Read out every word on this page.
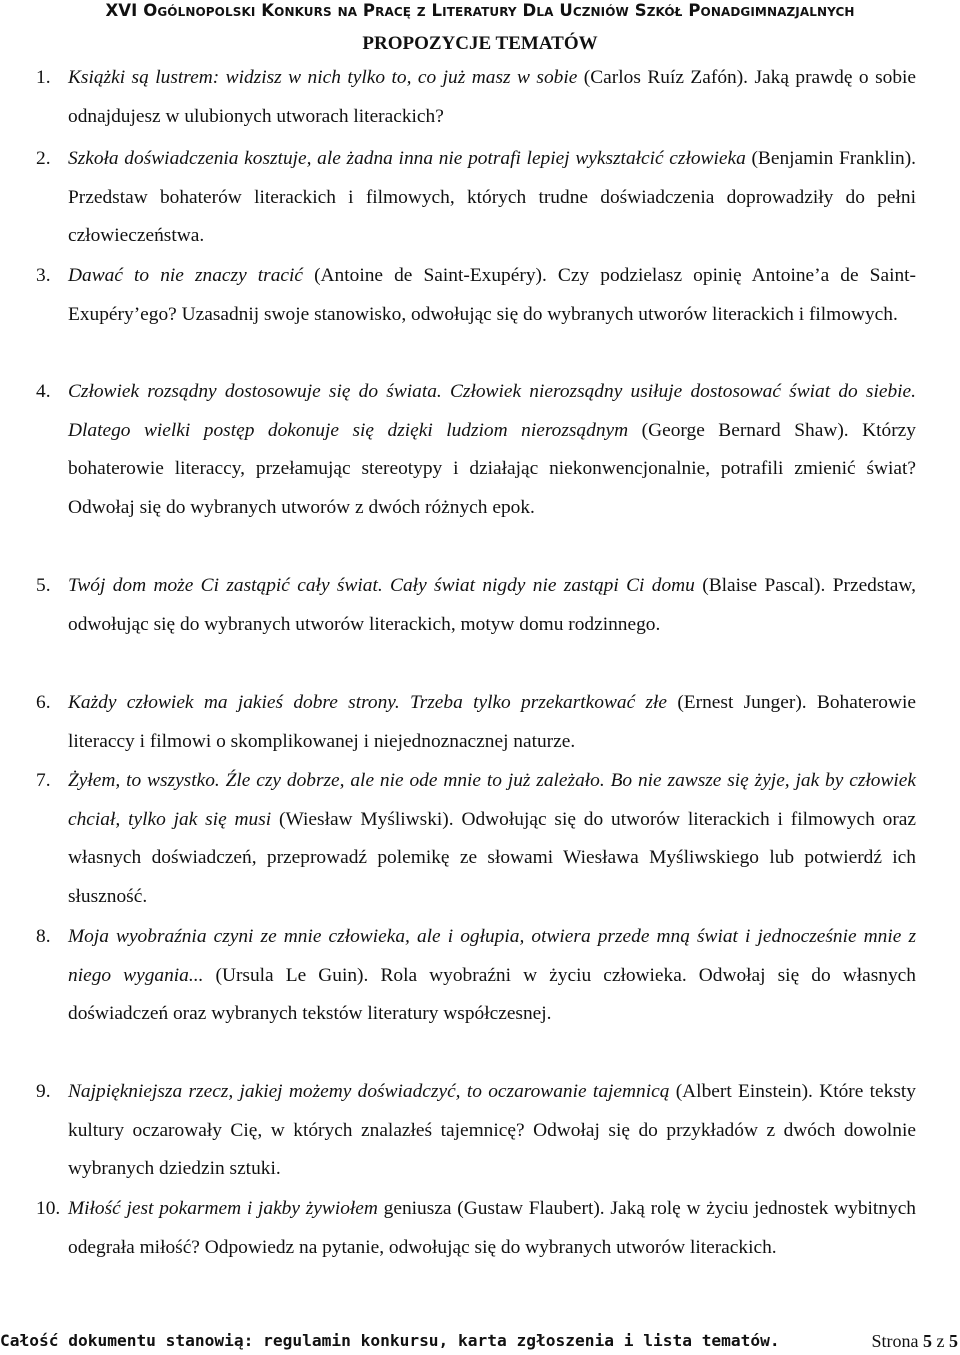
XVI Ogólnopolski Konkurs na Pracę z Literatury Dla Uczniów Szkół Ponadgimnazjalnych
PROPOZYCJE TEMATÓW
1. Książki są lustrem: widzisz w nich tylko to, co już masz w sobie (Carlos Ruíz Zafón). Jaką prawdę o sobie odnajdujesz w ulubionych utworach literackich?
2. Szkoła doświadczenia kosztuje, ale żadna inna nie potrafi lepiej wykształcić człowieka (Benjamin Franklin). Przedstaw bohaterów literackich i filmowych, których trudne doświadczenia doprowadziły do pełni człowieczeństwa.
3. Dawać to nie znaczy tracić (Antoine de Saint-Exupéry). Czy podzielasz opinię Antoine’a de Saint-Exupéry’ego? Uzasadnij swoje stanowisko, odwołując się do wybranych utworów literackich i filmowych.
4. Człowiek rozsądny dostosowuje się do świata. Człowiek nierozsądny usiłuje dostosować świat do siebie. Dlatego wielki postęp dokonuje się dzięki ludziom nierozsądnym (George Bernard Shaw). Którzy bohaterowie literaccy, przełamując stereotypy i działając niekonwencjonalnie, potrafili zmienić świat? Odwołaj się do wybranych utworów z dwóch różnych epok.
5. Twój dom może Ci zastąpić cały świat. Cały świat nigdy nie zastąpi Ci domu (Blaise Pascal). Przedstaw, odwołując się do wybranych utworów literackich, motyw domu rodzinnego.
6. Każdy człowiek ma jakieś dobre strony. Trzeba tylko przekartkować złe (Ernest Junger). Bohaterowie literaccy i filmowi o skomplikowanej i niejednoznacznej naturze.
7. Żyłem, to wszystko. Źle czy dobrze, ale nie ode mnie to już zależało. Bo nie zawsze się żyje, jak by człowiek chciał, tylko jak się musi (Wiesław Myśliwski). Odwołując się do utworów literackich i filmowych oraz własnych doświadczeń, przeprowadź polemikę ze słowami Wiesława Myśliwskiego lub potwierdź ich słuszność.
8. Moja wyobraźnia czyni ze mnie człowieka, ale i ogłupia, otwiera przede mną świat i jednocześnie mnie z niego wygania... (Ursula Le Guin). Rola wyobraźni w życiu człowieka. Odwołaj się do własnych doświadczeń oraz wybranych tekstów literatury współczesnej.
9. Najpiękniejsza rzecz, jakiej możemy doświadczyć, to oczarowanie tajemnicą (Albert Einstein). Które teksty kultury oczarowały Cię, w których znalazłeś tajemnicę? Odwołaj się do przykładów z dwóch dowolnie wybranych dziedzin sztuki.
10. Miłość jest pokarmem i jakby żywiołem geniusza (Gustaw Flaubert). Jaką rolę w życiu jednostek wybitnych odegrała miłość? Odpowiedz na pytanie, odwołując się do wybranych utworów literackich.
Całość dokumentu stanowią: regulamin konkursu, karta zgłoszenia i lista tematów.	Strona 5 z 5
